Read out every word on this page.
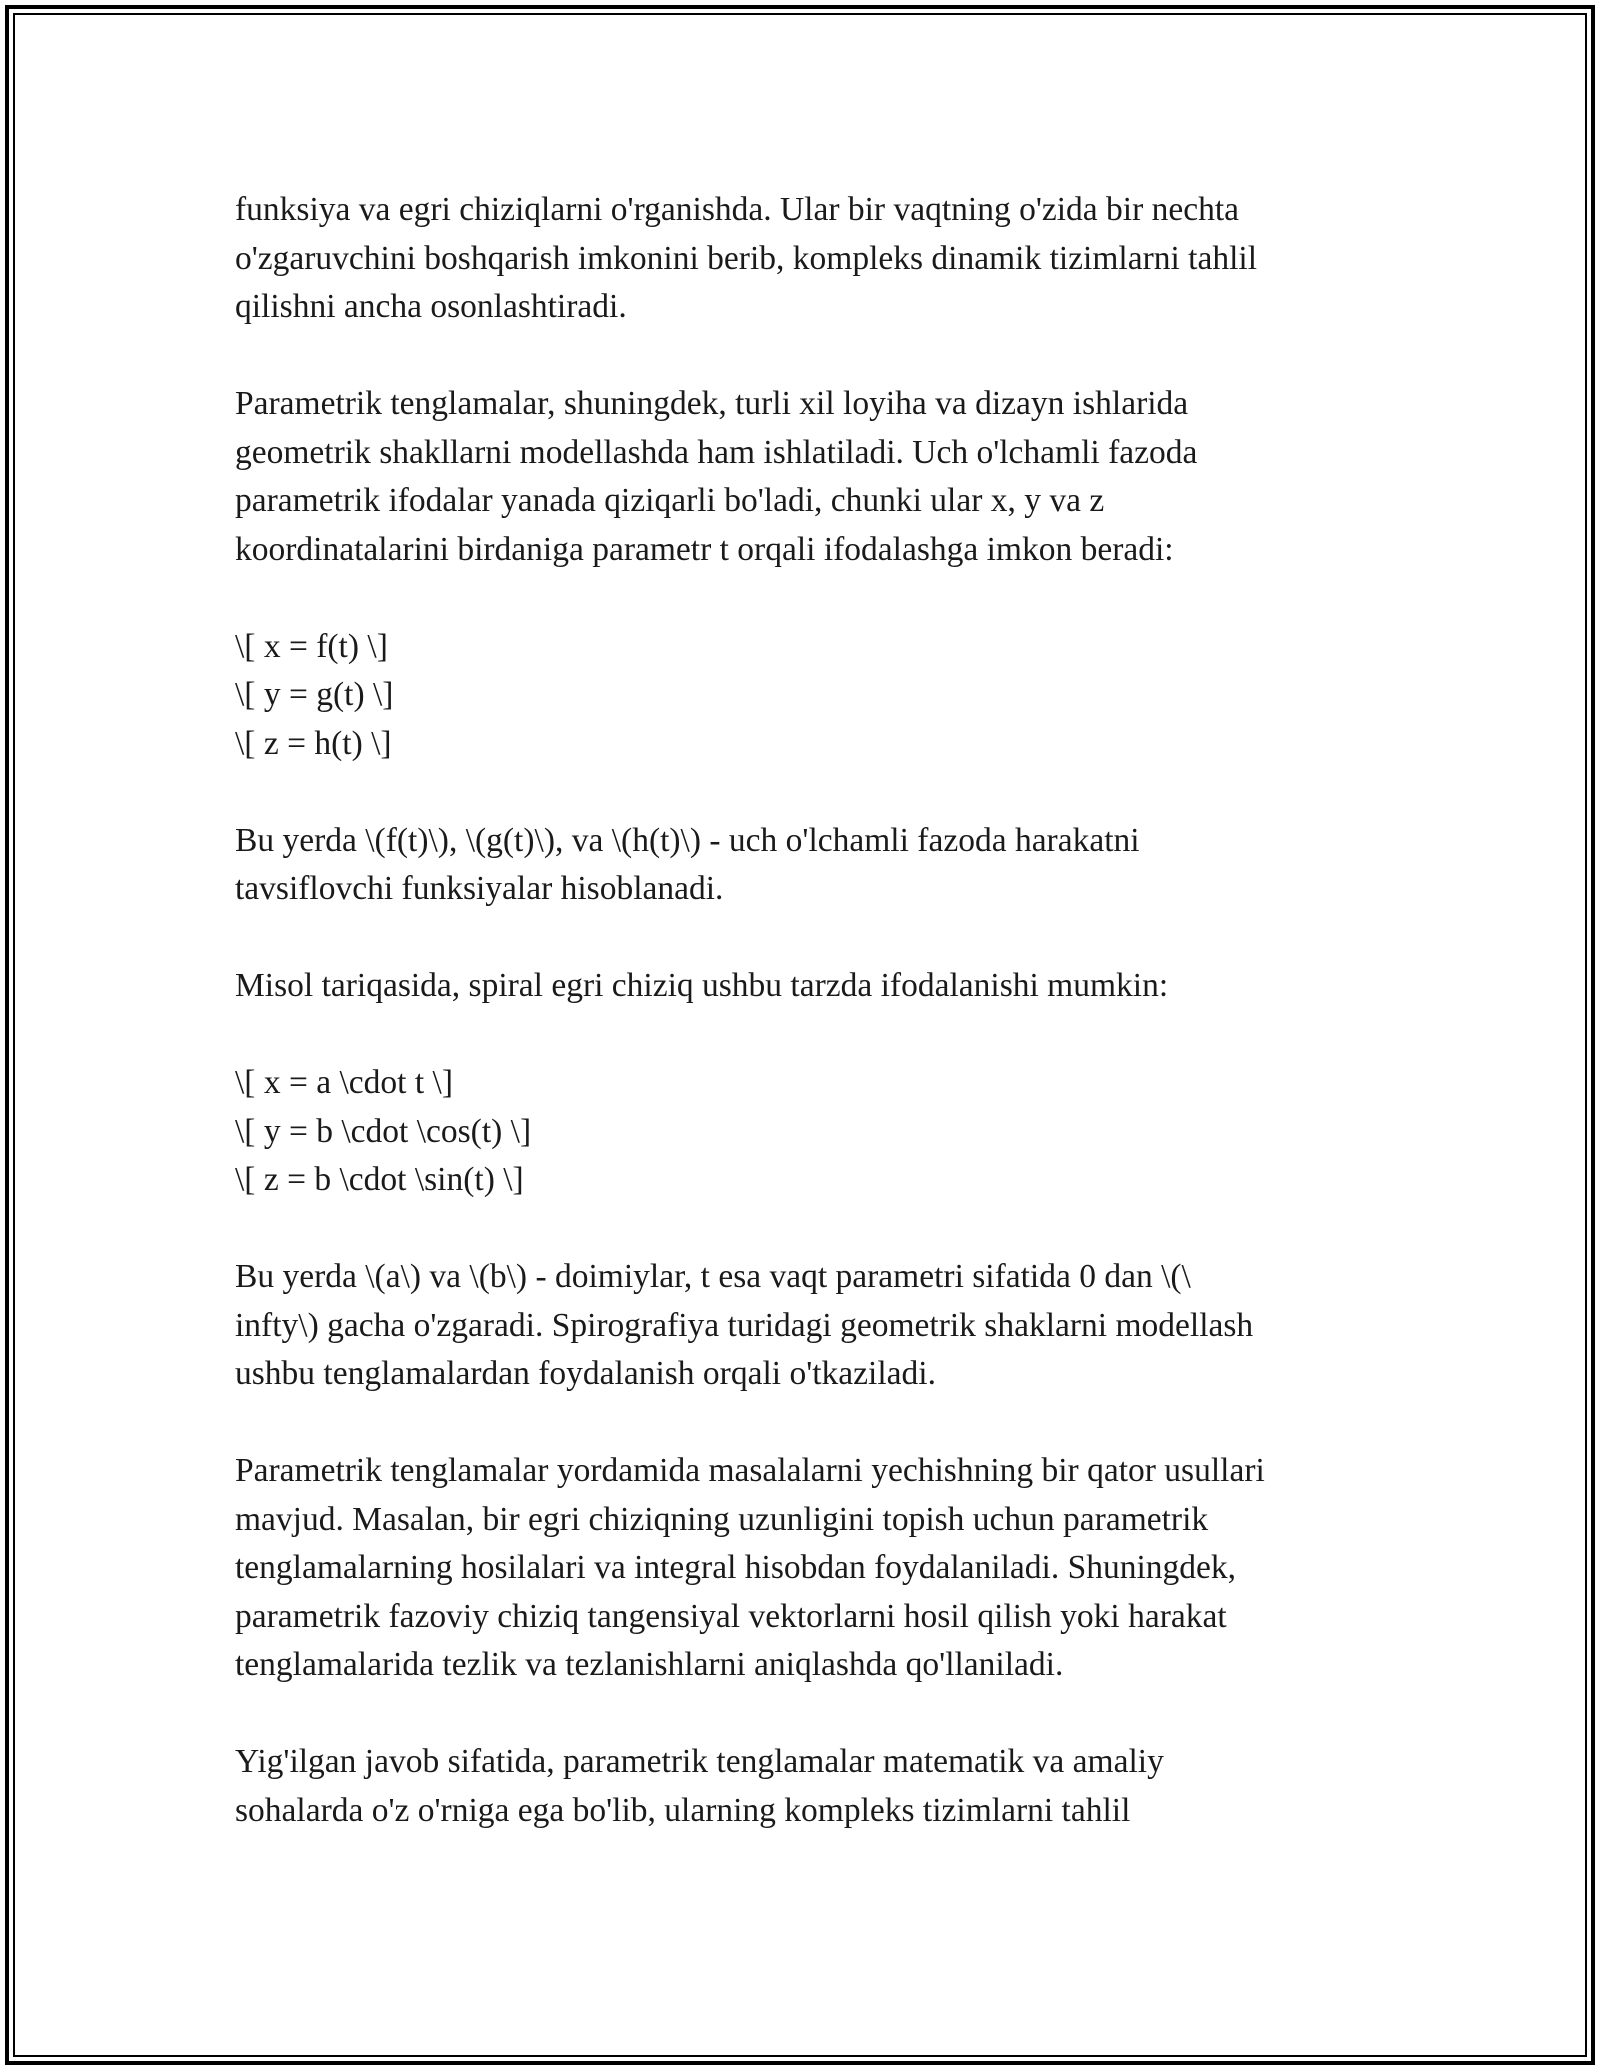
funksiya va egri chiziqlarni o'rganishda. Ular bir vaqtning o'zida bir nechta
o'zgaruvchini boshqarish imkonini berib, kompleks dinamik tizimlarni tahlil
qilishni ancha osonlashtiradi.
Parametrik tenglamalar, shuningdek, turli xil loyiha va dizayn ishlarida
geometrik shakllarni modellashda ham ishlatiladi. Uch o'lchamli fazoda
parametrik ifodalar yanada qiziqarli bo'ladi, chunki ular x, y va z
koordinatalarini birdaniga parametr t orqali ifodalashga imkon beradi:
\[ x = f(t) \]
\[ y = g(t) \]
\[ z = h(t) \]
Bu yerda \(f(t)\), \(g(t)\), va \(h(t)\) - uch o'lchamli fazoda harakatni
tavsiflovchi funksiyalar hisoblanadi.
Misol tariqasida, spiral egri chiziq ushbu tarzda ifodalanishi mumkin:
\[ x = a \cdot t \]
\[ y = b \cdot \cos(t) \]
\[ z = b \cdot \sin(t) \]
Bu yerda \(a\) va \(b\) - doimiylar, t esa vaqt parametri sifatida 0 dan \(\
infty\) gacha o'zgaradi. Spirografiya turidagi geometrik shaklarni modellash
ushbu tenglamalardan foydalanish orqali o'tkaziladi.
Parametrik tenglamalar yordamida masalalarni yechishning bir qator usullari
mavjud. Masalan, bir egri chiziqning uzunligini topish uchun parametrik
tenglamalarning hosilalari va integral hisobdan foydalaniladi. Shuningdek,
parametrik fazoviy chiziq tangensiyal vektorlarni hosil qilish yoki harakat
tenglamalarida tezlik va tezlanishlarni aniqlashda qo'llaniladi.
Yig'ilgan javob sifatida, parametrik tenglamalar matematik va amaliy
sohalarda o'z o'rniga ega bo'lib, ularning kompleks tizimlarni tahlil
